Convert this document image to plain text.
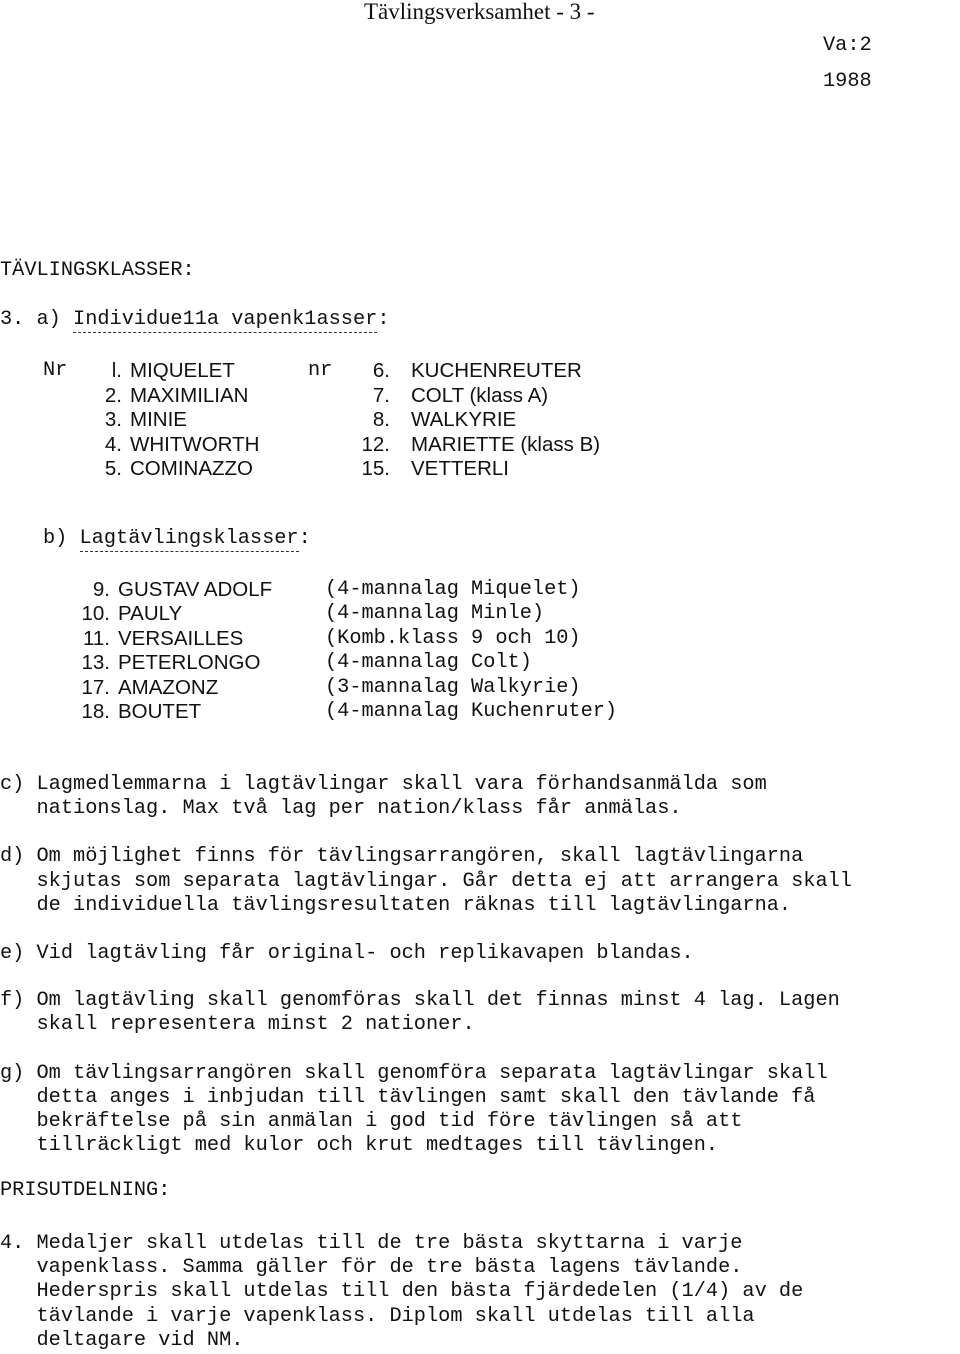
Tävlingsverksamhet - 3 -
Va:2
1988
TÄVLINGSKLASSER:
3. a) Individue11a vapenk1asser:
Nr	nr
l. MIQUELET	6. KUCHENREUTER
2. MAXIMILIAN	7. COLT (klass A)
3. MINIE	8. WALKYRIE
4. WHITWORTH	12. MARIETTE (klass B)
5. COMINAZZO	15. VETTERLI
b) Lagtävlingsklasser:
9. GUSTAV ADOLF	(4-mannalag Miquelet)
10. PAULY	(4-mannalag Minle)
11. VERSAILLES	(Komb.klass 9 och 10)
13. PETERLONGO	(4-mannalag Colt)
17. AMAZONZ	(3-mannalag Walkyrie)
18. BOUTET	(4-mannalag Kuchenruter)
c) Lagmedlemmarna i lagtävlingar skall vara förhandsanmälda som
nationslag. Max två lag per nation/klass får anmälas.
d) Om möjlighet finns för tävlingsarrangören, skall lagtävlingarna
skjutas som separata lagtävlingar. Går detta ej att arrangera skall
de individuella tävlingsresultaten räknas till lagtävlingarna.
e) Vid lagtävling får original- och replikavapen blandas.
f) Om lagtävling skall genomföras skall det finnas minst 4 lag. Lagen
skall representera minst 2 nationer.
g) Om tävlingsarrangören skall genomföra separata lagtävlingar skall
detta anges i inbjudan till tävlingen samt skall den tävlande få
bekräftelse på sin anmälan i god tid före tävlingen så att
tillräckligt med kulor och krut medtages till tävlingen.
PRISUTDELNING:
4. Medaljer skall utdelas till de tre bästa skyttarna i varje
vapenklass. Samma gäller för de tre bästa lagens tävlande.
Hederspris skall utdelas till den bästa fjärdedelen (1/4) av de
tävlande i varje vapenklass. Diplom skall utdelas till alla
deltagare vid NM.
